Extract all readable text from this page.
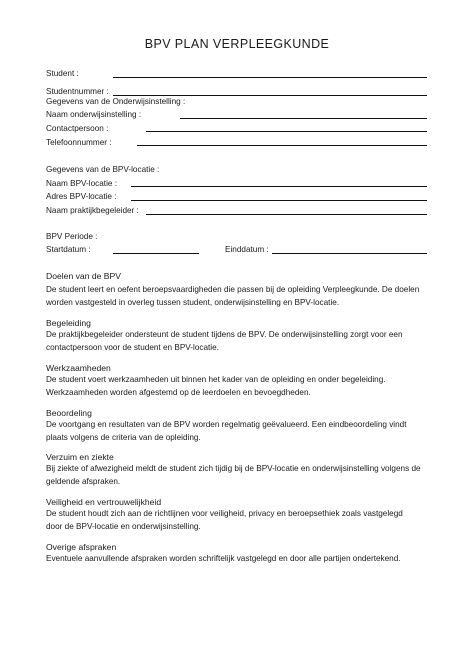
BPV PLAN VERPLEEGKUNDE
Student :
Studentnummer :
Gegevens van de Onderwijsinstelling :
Naam onderwijsinstelling :
Contactpersoon :
Telefoonnummer :
Gegevens van de BPV-locatie :
Naam BPV-locatie :
Adres BPV-locatie :
Naam praktijkbegeleider :
BPV Periode :
Startdatum :	Einddatum :
Doelen van de BPV
De student leert en oefent beroepsvaardigheden die passen bij de opleiding Verpleegkunde. De doelen worden vastgesteld in overleg tussen student, onderwijsinstelling en BPV-locatie.
Begeleiding
De praktijkbegeleider ondersteunt de student tijdens de BPV. De onderwijsinstelling zorgt voor een contactpersoon voor de student en BPV-locatie.
Werkzaamheden
De student voert werkzaamheden uit binnen het kader van de opleiding en onder begeleiding. Werkzaamheden worden afgestemd op de leerdoelen en bevoegdheden.
Beoordeling
De voortgang en resultaten van de BPV worden regelmatig geëvalueerd. Een eindbeoordeling vindt plaats volgens de criteria van de opleiding.
Verzuim en ziekte
Bij ziekte of afwezigheid meldt de student zich tijdig bij de BPV-locatie en onderwijsinstelling volgens de geldende afspraken.
Veiligheid en vertrouwelijkheid
De student houdt zich aan de richtlijnen voor veiligheid, privacy en beroepsethiek zoals vastgelegd door de BPV-locatie en onderwijsinstelling.
Overige afspraken
Eventuele aanvullende afspraken worden schriftelijk vastgelegd en door alle partijen ondertekend.
